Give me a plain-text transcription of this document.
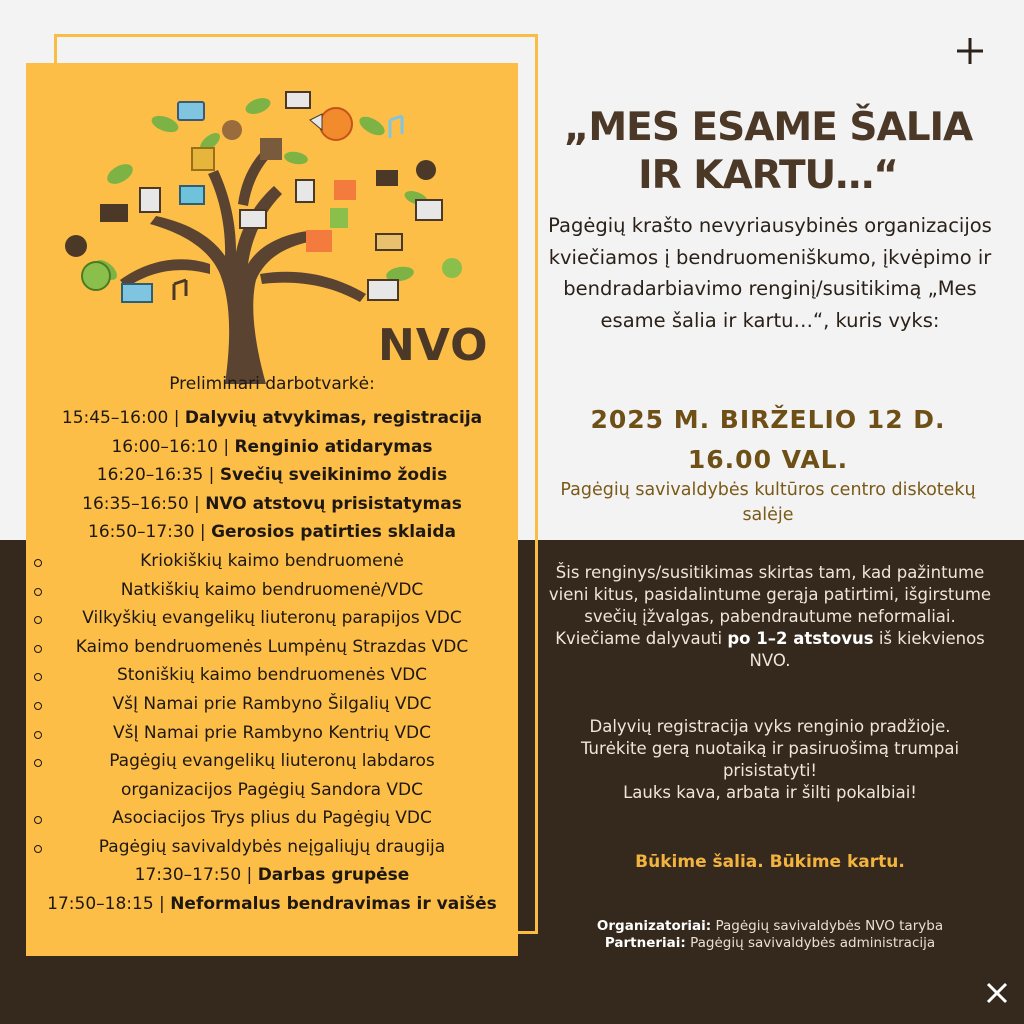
NVO
Preliminari darbotvarkė:
15:45–16:00 | Dalyvių atvykimas, registracija
16:00–16:10 | Renginio atidarymas
16:20–16:35 | Svečių sveikinimo žodis
16:35–16:50 | NVO atstovų prisistatymas
16:50–17:30 | Gerosios patirties sklaida
Kriokiškių kaimo bendruomenė
Natkiškių kaimo bendruomenė/VDC
Vilkyškių evangelikų liuteronų parapijos VDC
Kaimo bendruomenės Lumpėnų Strazdas VDC
Stoniškių kaimo bendruomenės VDC
VšĮ Namai prie Rambyno Šilgalių VDC
VšĮ Namai prie Rambyno Kentrių VDC
Pagėgių evangelikų liuteronų labdaros organizacijos Pagėgių Sandora VDC
Asociacijos Trys plius du Pagėgių VDC
Pagėgių savivaldybės neįgaliųjų draugija
17:30–17:50 | Darbas grupėse
17:50–18:15 | Neformalus bendravimas ir vaišės
„MES ESAME ŠALIA
IR KARTU…“
Pagėgių krašto nevyriausybinės organizacijos kviečiamos į bendruomeniškumo, įkvėpimo ir bendradarbiavimo renginį/susitikimą „Mes esame šalia ir kartu…“, kuris vyks:
2025 M. BIRŽELIO 12 D.
16.00 VAL.
Pagėgių savivaldybės kultūros centro diskotekų salėje
Šis renginys/susitikimas skirtas tam, kad pažintume vieni kitus, pasidalintume gerąja patirtimi, išgirstume svečių įžvalgas, pabendrautume neformaliai. Kviečiame dalyvauti po 1–2 atstovus iš kiekvienos NVO.
Dalyvių registracija vyks renginio pradžioje.
Turėkite gerą nuotaiką ir pasiruošimą trumpai prisistatyti!
Lauks kava, arbata ir šilti pokalbiai!
Būkime šalia. Būkime kartu.
Organizatoriai: Pagėgių savivaldybės NVO taryba
Partneriai: Pagėgių savivaldybės administracija
